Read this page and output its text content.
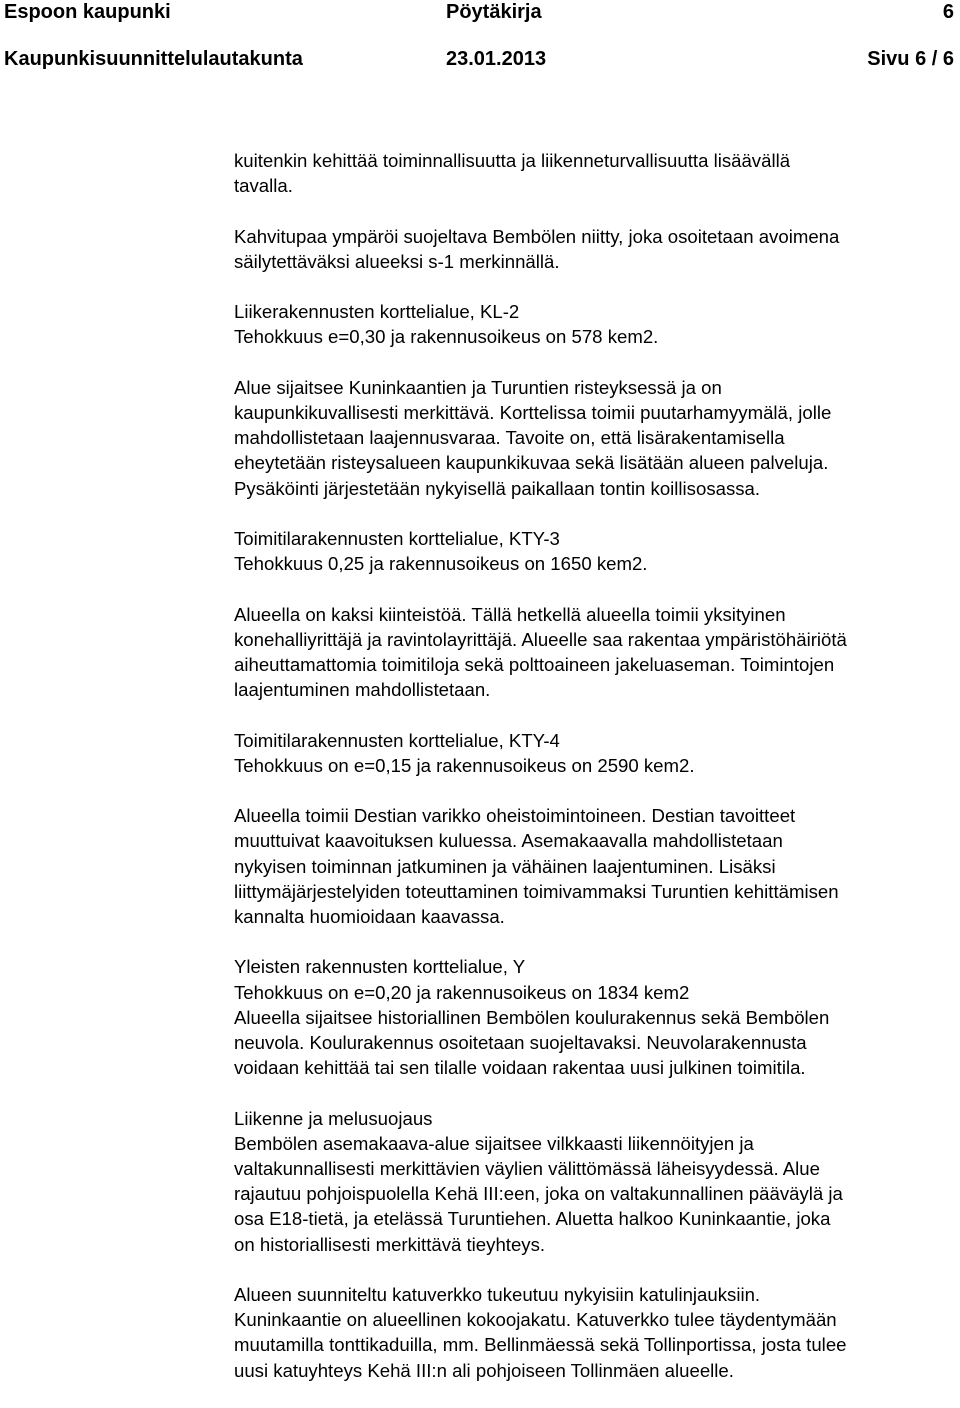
Espoon kaupunki	Pöytäkirja	6
Kaupunkisuunnittelulautakunta	23.01.2013	Sivu 6 / 6

kuitenkin kehittää toiminnallisuutta ja liikenneturvallisuutta lisäävällä
tavalla.

Kahvitupaa ympäröi suojeltava Bembölen niitty, joka osoitetaan avoimena
säilytettäväksi alueeksi s-1 merkinnällä.

Liikerakennusten korttelialue, KL-2
Tehokkuus e=0,30 ja rakennusoikeus on 578 kem2.

Alue sijaitsee Kuninkaantien ja Turuntien risteyksessä ja on
kaupunkikuvallisesti merkittävä. Korttelissa toimii puutarhamyymälä, jolle
mahdollistetaan laajennusvaraa. Tavoite on, että lisärakentamisella
eheytetään risteysalueen kaupunkikuvaa sekä lisätään alueen palveluja.
Pysäköinti järjestetään nykyisellä paikallaan tontin koillisosassa.

Toimitilarakennusten korttelialue, KTY-3
Tehokkuus 0,25 ja rakennusoikeus on 1650 kem2.

Alueella on kaksi kiinteistöä. Tällä hetkellä alueella toimii yksityinen
konehalliyrittäjä ja ravintolayrittäjä. Alueelle saa rakentaa ympäristöhäiriötä
aiheuttamattomia toimitiloja sekä polttoaineen jakeluaseman. Toimintojen
laajentuminen mahdollistetaan.

Toimitilarakennusten korttelialue, KTY-4
Tehokkuus on e=0,15 ja rakennusoikeus on 2590 kem2.

Alueella toimii Destian varikko oheistoimintoineen. Destian tavoitteet
muuttuivat kaavoituksen kuluessa. Asemakaavalla mahdollistetaan
nykyisen toiminnan jatkuminen ja vähäinen laajentuminen. Lisäksi
liittymäjärjestelyiden toteuttaminen toimivammaksi Turuntien kehittämisen
kannalta huomioidaan kaavassa.

Yleisten rakennusten korttelialue, Y
Tehokkuus on e=0,20 ja rakennusoikeus on 1834 kem2
Alueella sijaitsee historiallinen Bembölen koulurakennus sekä Bembölen
neuvola. Koulurakennus osoitetaan suojeltavaksi. Neuvolarakennusta
voidaan kehittää tai sen tilalle voidaan rakentaa uusi julkinen toimitila.

Liikenne ja melusuojaus
Bembölen asemakaava-alue sijaitsee vilkkaasti liikennöityjen ja
valtakunnallisesti merkittävien väylien välittömässä läheisyydessä. Alue
rajautuu pohjoispuolella Kehä III:een, joka on valtakunnallinen pääväylä ja
osa E18-tietä, ja etelässä Turuntiehen. Aluetta halkoo Kuninkaantie, joka
on historiallisesti merkittävä tieyhteys.

Alueen suunniteltu katuverkko tukeutuu nykyisiin katulinjauksiin.
Kuninkaantie on alueellinen kokoojakatu. Katuverkko tulee täydentymään
muutamilla tonttikaduilla, mm. Bellinmäessä sekä Tollinportissa, josta tulee
uusi katuyhteys Kehä III:n ali pohjoiseen Tollinmäen alueelle.
